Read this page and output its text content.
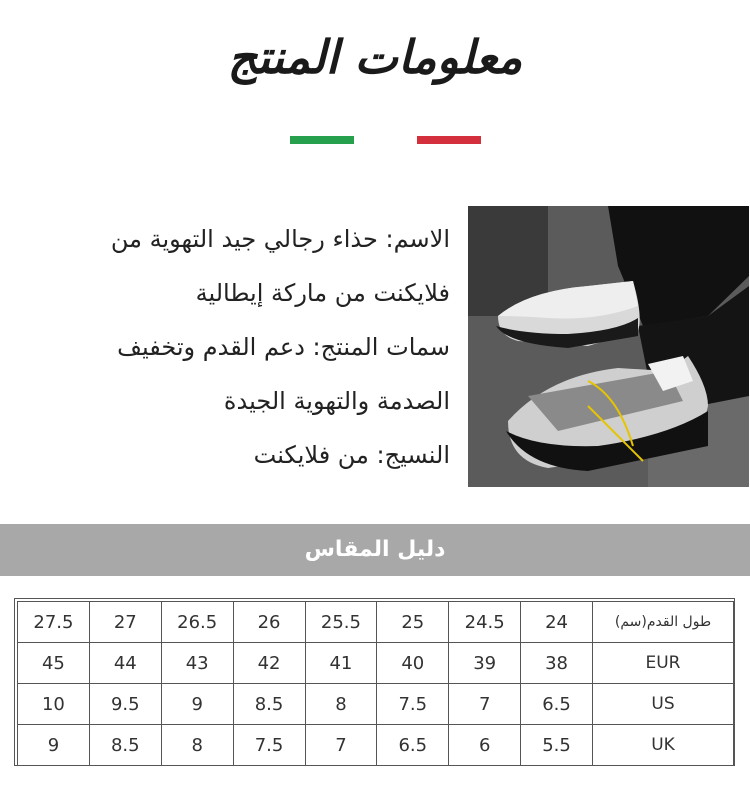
معلومات المنتج

الاسم: حذاء رجالي جيد التهوية من

فلايكنت من ماركة إيطالية

سمات المنتج: دعم القدم وتخفيف

الصدمة والتهوية الجيدة

النسيج: من فلايكنت

دليل المقاس
27.5	27	26.5	26	25.5	25	24.5	24	طول القدم(سم)
45	44	43	42	41	40	39	38	EUR
10	9.5	9	8.5	8	7.5	7	6.5	US
9	8.5	8	7.5	7	6.5	6	5.5	UK
